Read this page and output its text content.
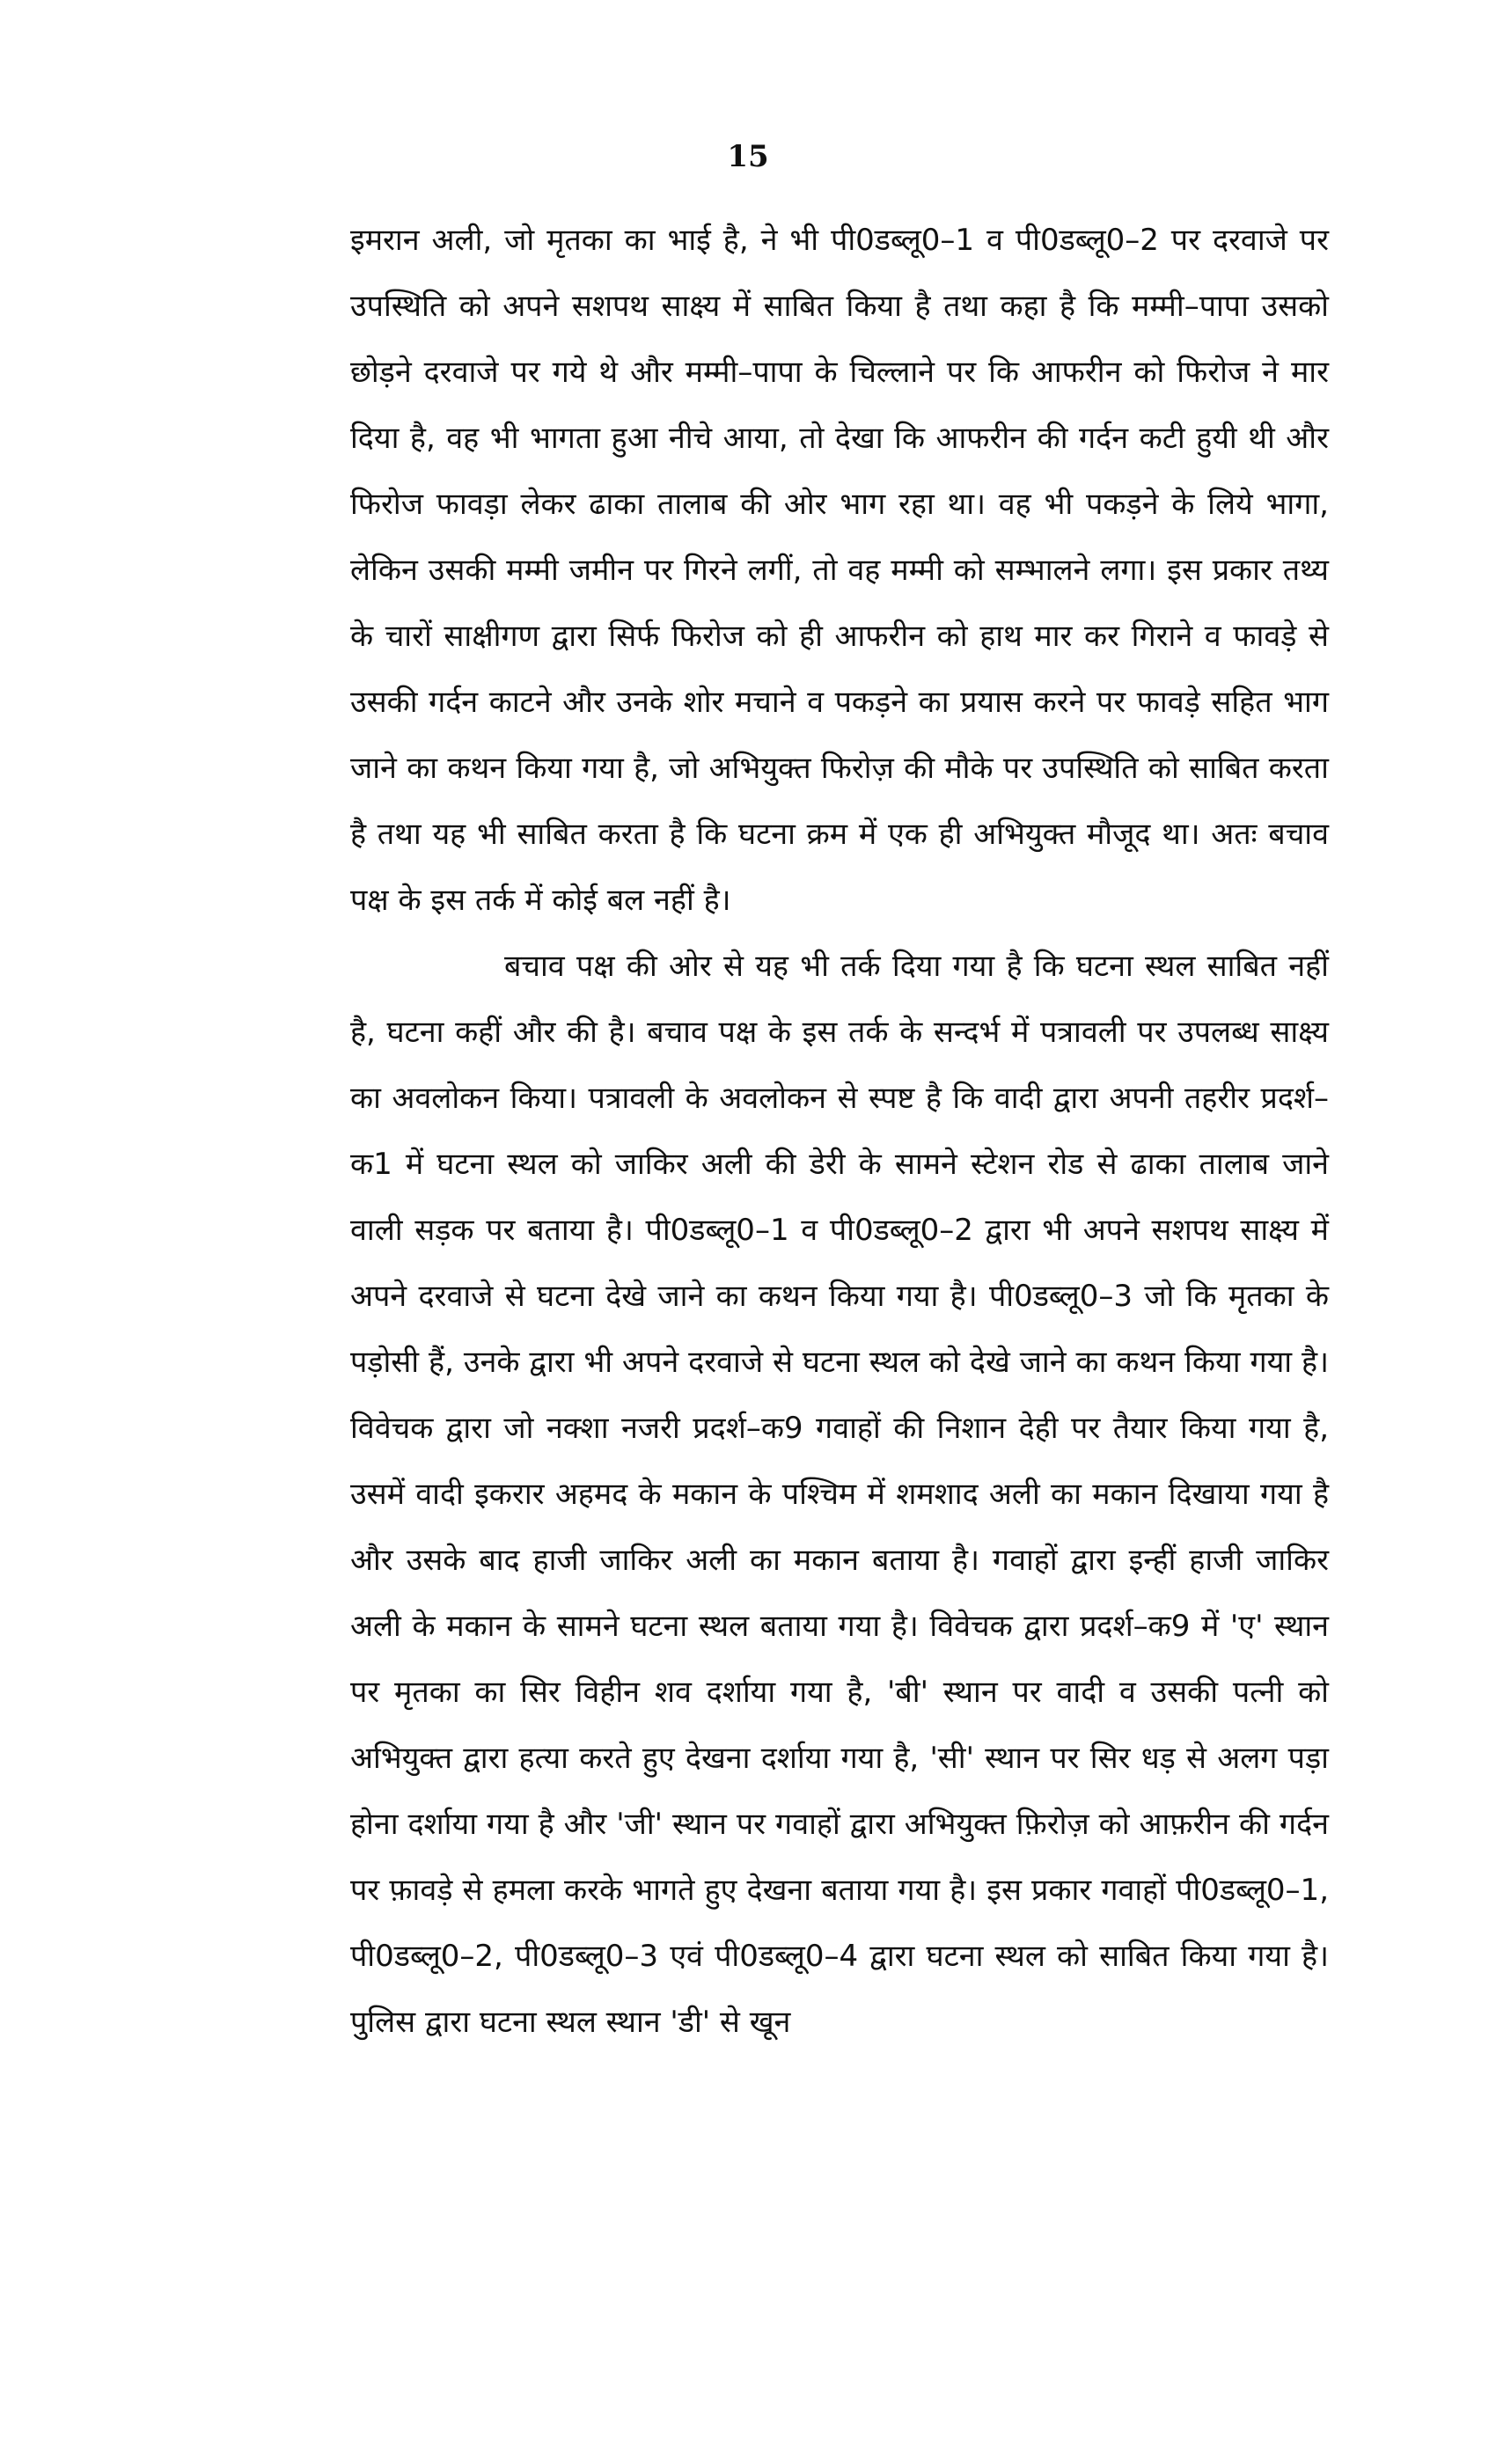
15

इमरान अली, जो मृतका का भाई है, ने भी पी0डब्लू0–1 व पी0डब्लू0–2 पर दरवाजे पर उपस्थिति को अपने सशपथ साक्ष्य में साबित किया है तथा कहा है कि मम्मी–पापा उसको छोड़ने दरवाजे पर गये थे और मम्मी–पापा के चिल्लाने पर कि आफरीन को फिरोज ने मार दिया है, वह भी भागता हुआ नीचे आया, तो देखा कि आफरीन की गर्दन कटी हुयी थी और फिरोज फावड़ा लेकर ढाका तालाब की ओर भाग रहा था। वह भी पकड़ने के लिये भागा, लेकिन उसकी मम्मी जमीन पर गिरने लगीं, तो वह मम्मी को सम्भालने लगा। इस प्रकार तथ्य के चारों साक्षीगण द्वारा सिर्फ फिरोज को ही आफरीन को हाथ मार कर गिराने व फावड़े से उसकी गर्दन काटने और उनके शोर मचाने व पकड़ने का प्रयास करने पर फावड़े सहित भाग जाने का कथन किया गया है, जो अभियुक्त फिरोज़ की मौके पर उपस्थिति को साबित करता है तथा यह भी साबित करता है कि घटना क्रम में एक ही अभियुक्त मौजूद था। अतः बचाव पक्ष के इस तर्क में कोई बल नहीं है।

बचाव पक्ष की ओर से यह भी तर्क दिया गया है कि घटना स्थल साबित नहीं है, घटना कहीं और की है। बचाव पक्ष के इस तर्क के सन्दर्भ में पत्रावली पर उपलब्ध साक्ष्य का अवलोकन किया। पत्रावली के अवलोकन से स्पष्ट है कि वादी द्वारा अपनी तहरीर प्रदर्श–क1 में घटना स्थल को जाकिर अली की डेरी के सामने स्टेशन रोड से ढाका तालाब जाने वाली सड़क पर बताया है। पी0डब्लू0–1 व पी0डब्लू0–2 द्वारा भी अपने सशपथ साक्ष्य में अपने दरवाजे से घटना देखे जाने का कथन किया गया है। पी0डब्लू0–3 जो कि मृतका के पड़ोसी हैं, उनके द्वारा भी अपने दरवाजे से घटना स्थल को देखे जाने का कथन किया गया है। विवेचक द्वारा जो नक्शा नजरी प्रदर्श–क9 गवाहों की निशान देही पर तैयार किया गया है, उसमें वादी इकरार अहमद के मकान के पश्चिम में शमशाद अली का मकान दिखाया गया है और उसके बाद हाजी जाकिर अली का मकान बताया है। गवाहों द्वारा इन्हीं हाजी जाकिर अली के मकान के सामने घटना स्थल बताया गया है। विवेचक द्वारा प्रदर्श–क9 में 'ए' स्थान पर मृतका का सिर विहीन शव दर्शाया गया है, 'बी' स्थान पर वादी व उसकी पत्नी को अभियुक्त द्वारा हत्या करते हुए देखना दर्शाया गया है, 'सी' स्थान पर सिर धड़ से अलग पड़ा होना दर्शाया गया है और 'जी' स्थान पर गवाहों द्वारा अभियुक्त फ़िरोज़ को आफ़रीन की गर्दन पर फ़ावड़े से हमला करके भागते हुए देखना बताया गया है। इस प्रकार गवाहों पी0डब्लू0–1, पी0डब्लू0–2, पी0डब्लू0–3 एवं पी0डब्लू0–4 द्वारा घटना स्थल को साबित किया गया है। पुलिस द्वारा घटना स्थल स्थान 'डी' से खून
